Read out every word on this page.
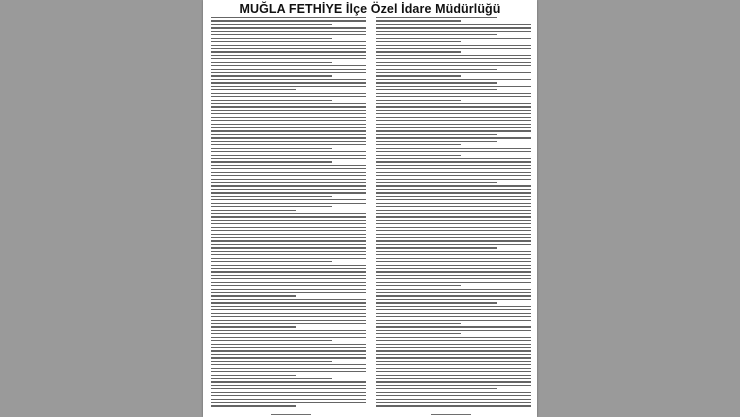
MUĞLA FETHİYE İlçe Özel İdare Müdürlüğü
